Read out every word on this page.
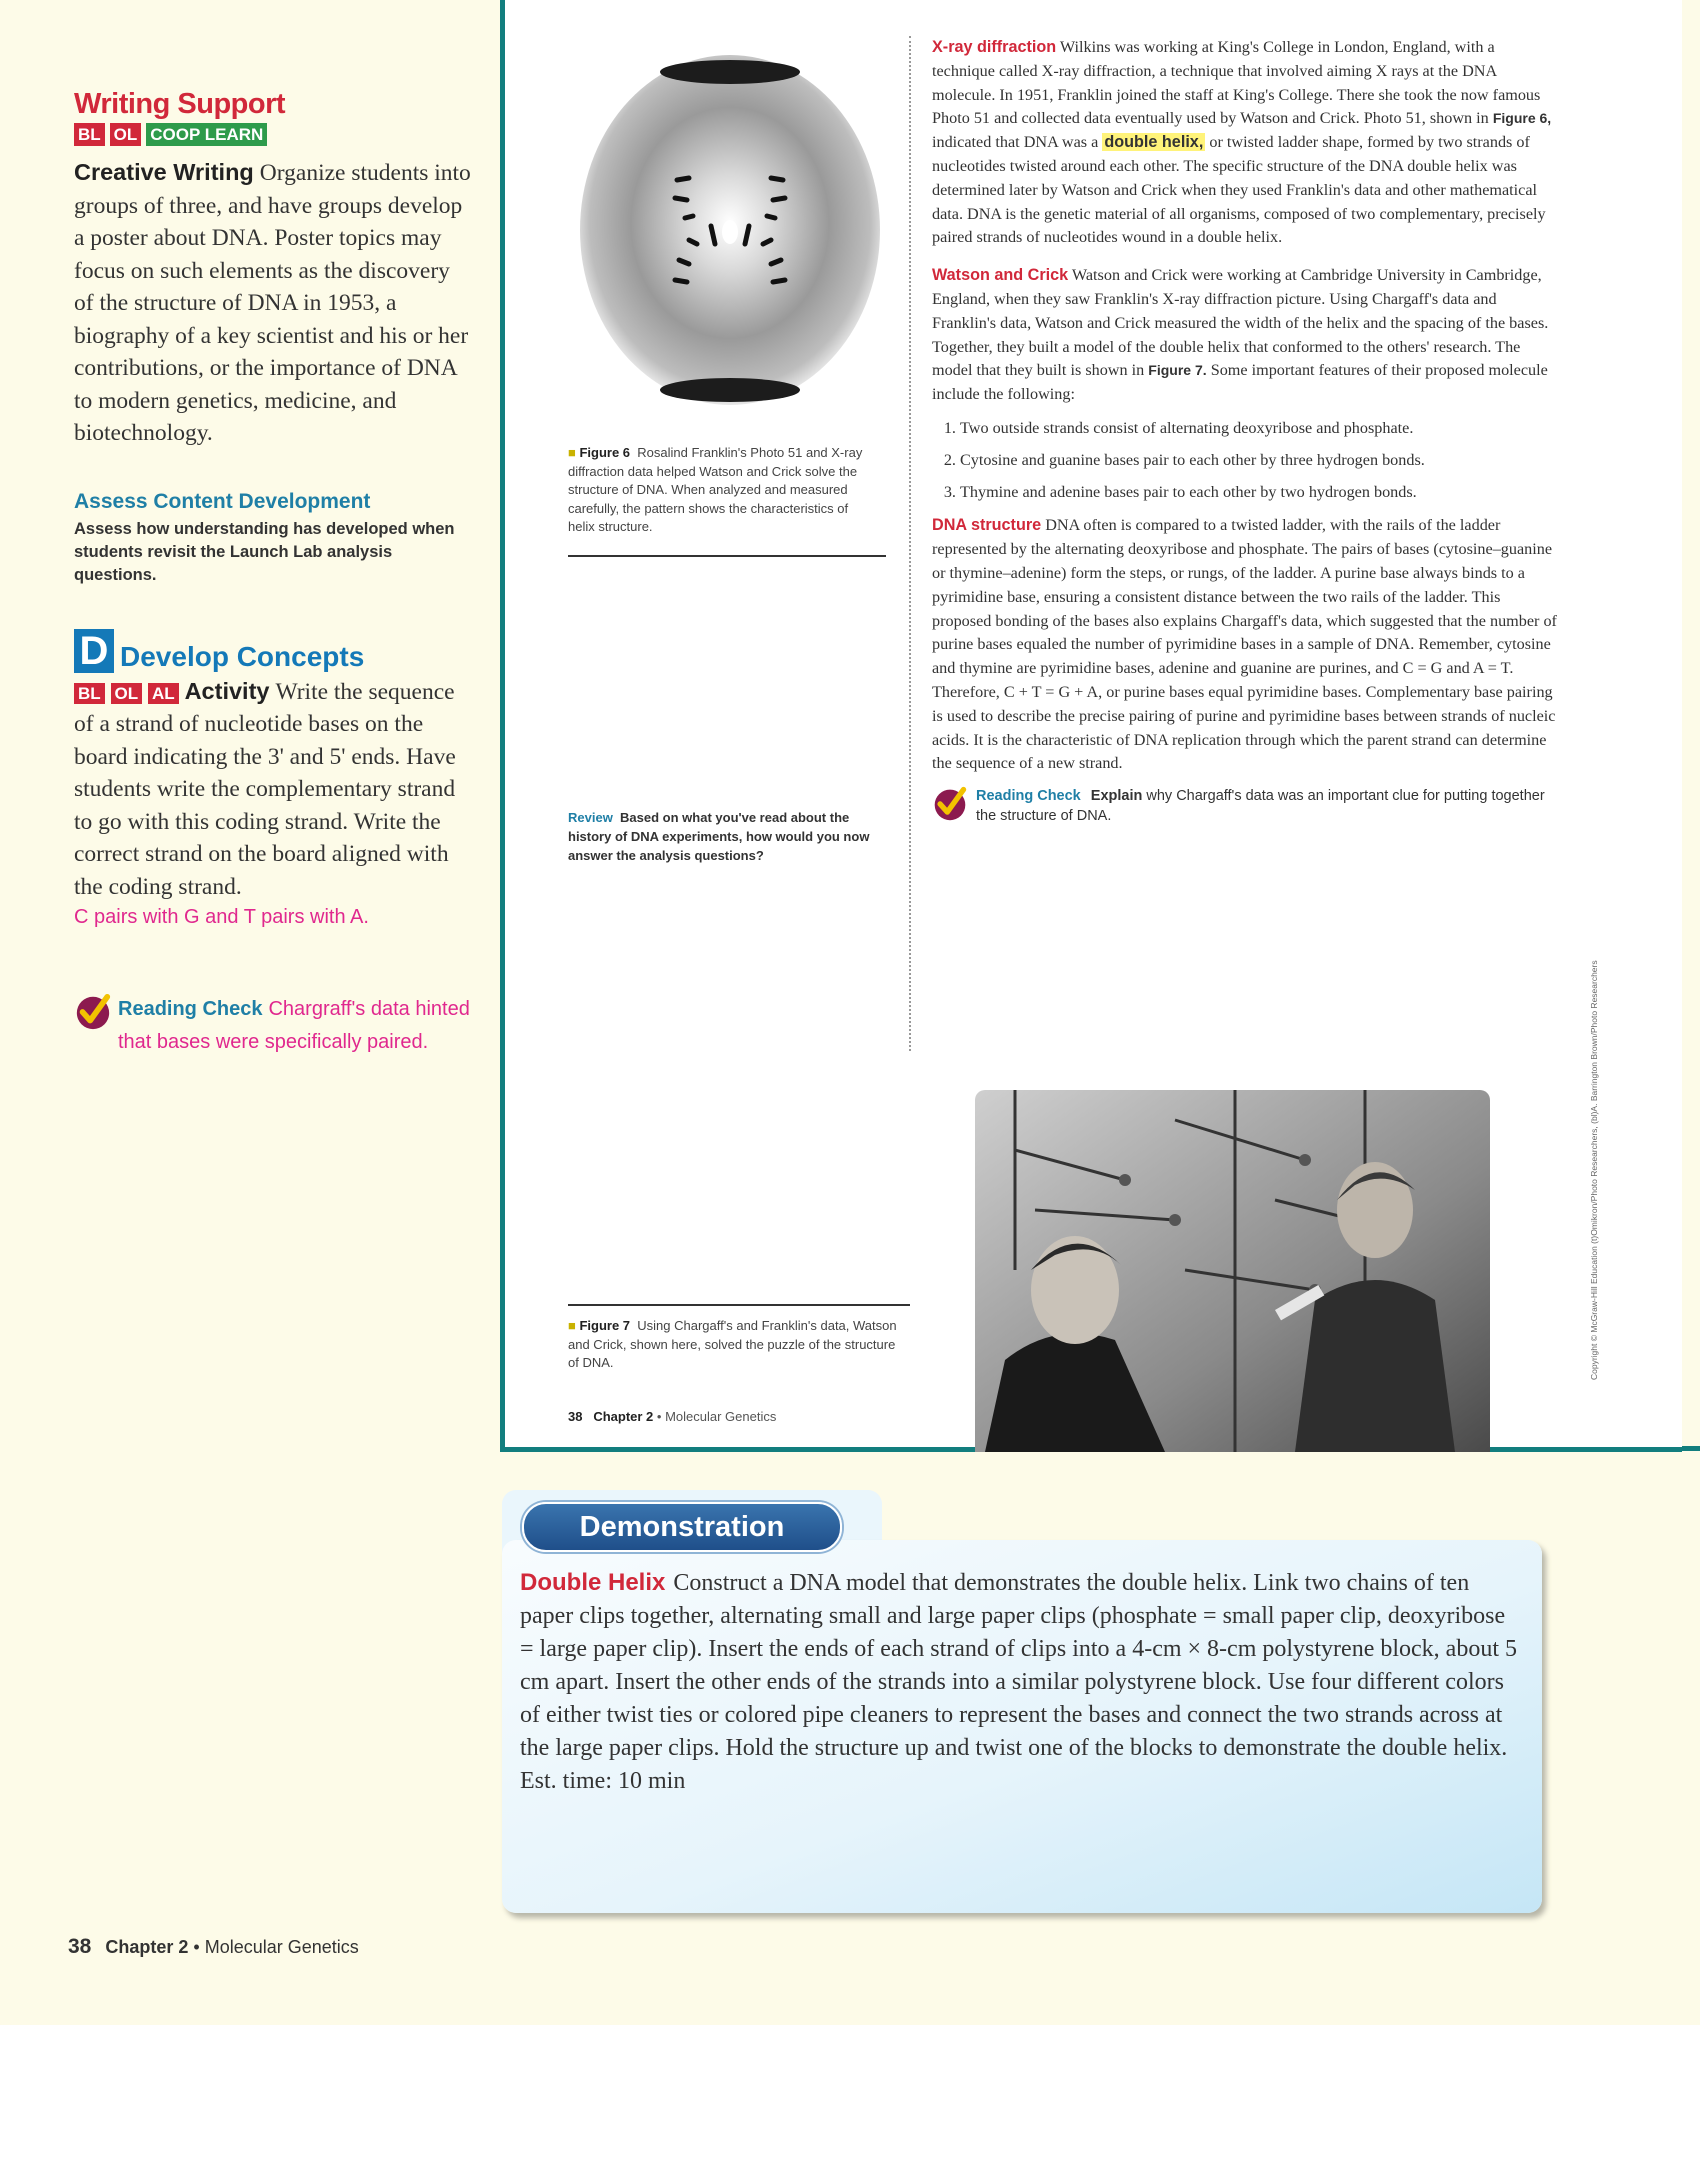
Writing Support
BL OL COOP LEARN
Creative Writing Organize students into groups of three, and have groups develop a poster about DNA. Poster topics may focus on such elements as the discovery of the structure of DNA in 1953, a biography of a key scientist and his or her contributions, or the importance of DNA to modern genetics, medicine, and biotechnology.
Assess Content Development
Assess how understanding has developed when students revisit the Launch Lab analysis questions.
D Develop Concepts
BL OL AL Activity Write the sequence of a strand of nucleotide bases on the board indicating the 3' and 5' ends. Have students write the complementary strand to go with this coding strand. Write the correct strand on the board aligned with the coding strand.
C pairs with G and T pairs with A.
Reading Check Chargraff's data hinted that bases were specifically paired.
■ Figure 6 Rosalind Franklin's Photo 51 and X-ray diffraction data helped Watson and Crick solve the structure of DNA. When analyzed and measured carefully, the pattern shows the characteristics of helix structure.
Review Based on what you've read about the history of DNA experiments, how would you now answer the analysis questions?
■ Figure 7 Using Chargaff's and Franklin's data, Watson and Crick, shown here, solved the puzzle of the structure of DNA.
38 Chapter 2 • Molecular Genetics

X-ray diffraction Wilkins was working at King's College in London, England, with a technique called X-ray diffraction, a technique that involved aiming X rays at the DNA molecule. In 1951, Franklin joined the staff at King's College. There she took the now famous Photo 51 and collected data eventually used by Watson and Crick. Photo 51, shown in Figure 6, indicated that DNA was a double helix, or twisted ladder shape, formed by two strands of nucleotides twisted around each other. The specific structure of the DNA double helix was determined later by Watson and Crick when they used Franklin's data and other mathematical data. DNA is the genetic material of all organisms, composed of two complementary, precisely paired strands of nucleotides wound in a double helix.

Watson and Crick Watson and Crick were working at Cambridge University in Cambridge, England, when they saw Franklin's X-ray diffraction picture. Using Chargaff's data and Franklin's data, Watson and Crick measured the width of the helix and the spacing of the bases. Together, they built a model of the double helix that conformed to the others' research. The model that they built is shown in Figure 7. Some important features of their proposed molecule include the following:

1. Two outside strands consist of alternating deoxyribose and phosphate.
2. Cytosine and guanine bases pair to each other by three hydrogen bonds.
3. Thymine and adenine bases pair to each other by two hydrogen bonds.

DNA structure DNA often is compared to a twisted ladder, with the rails of the ladder represented by the alternating deoxyribose and phosphate. The pairs of bases (cytosine–guanine or thymine–adenine) form the steps, or rungs, of the ladder. A purine base always binds to a pyrimidine base, ensuring a consistent distance between the two rails of the ladder. This proposed bonding of the bases also explains Chargaff's data, which suggested that the number of purine bases equaled the number of pyrimidine bases in a sample of DNA. Remember, cytosine and thymine are pyrimidine bases, adenine and guanine are purines, and C = G and A = T. Therefore, C + T = G + A, or purine bases equal pyrimidine bases. Complementary base pairing is used to describe the precise pairing of purine and pyrimidine bases between strands of nucleic acids. It is the characteristic of DNA replication through which the parent strand can determine the sequence of a new strand.

Reading Check Explain why Chargaff's data was an important clue for putting together the structure of DNA.
Copyright © McGraw-Hill Education (t)Omikron/Photo Researchers, (bl)A. Barrington Brown/Photo Researchers
Demonstration
Double Helix Construct a DNA model that demonstrates the double helix. Link two chains of ten paper clips together, alternating small and large paper clips (phosphate = small paper clip, deoxyribose = large paper clip). Insert the ends of each strand of clips into a 4-cm × 8-cm polystyrene block, about 5 cm apart. Insert the other ends of the strands into a similar polystyrene block. Use four different colors of either twist ties or colored pipe cleaners to represent the bases and connect the two strands across at the large paper clips. Hold the structure up and twist one of the blocks to demonstrate the double helix. Est. time: 10 min
38 Chapter 2 • Molecular Genetics
